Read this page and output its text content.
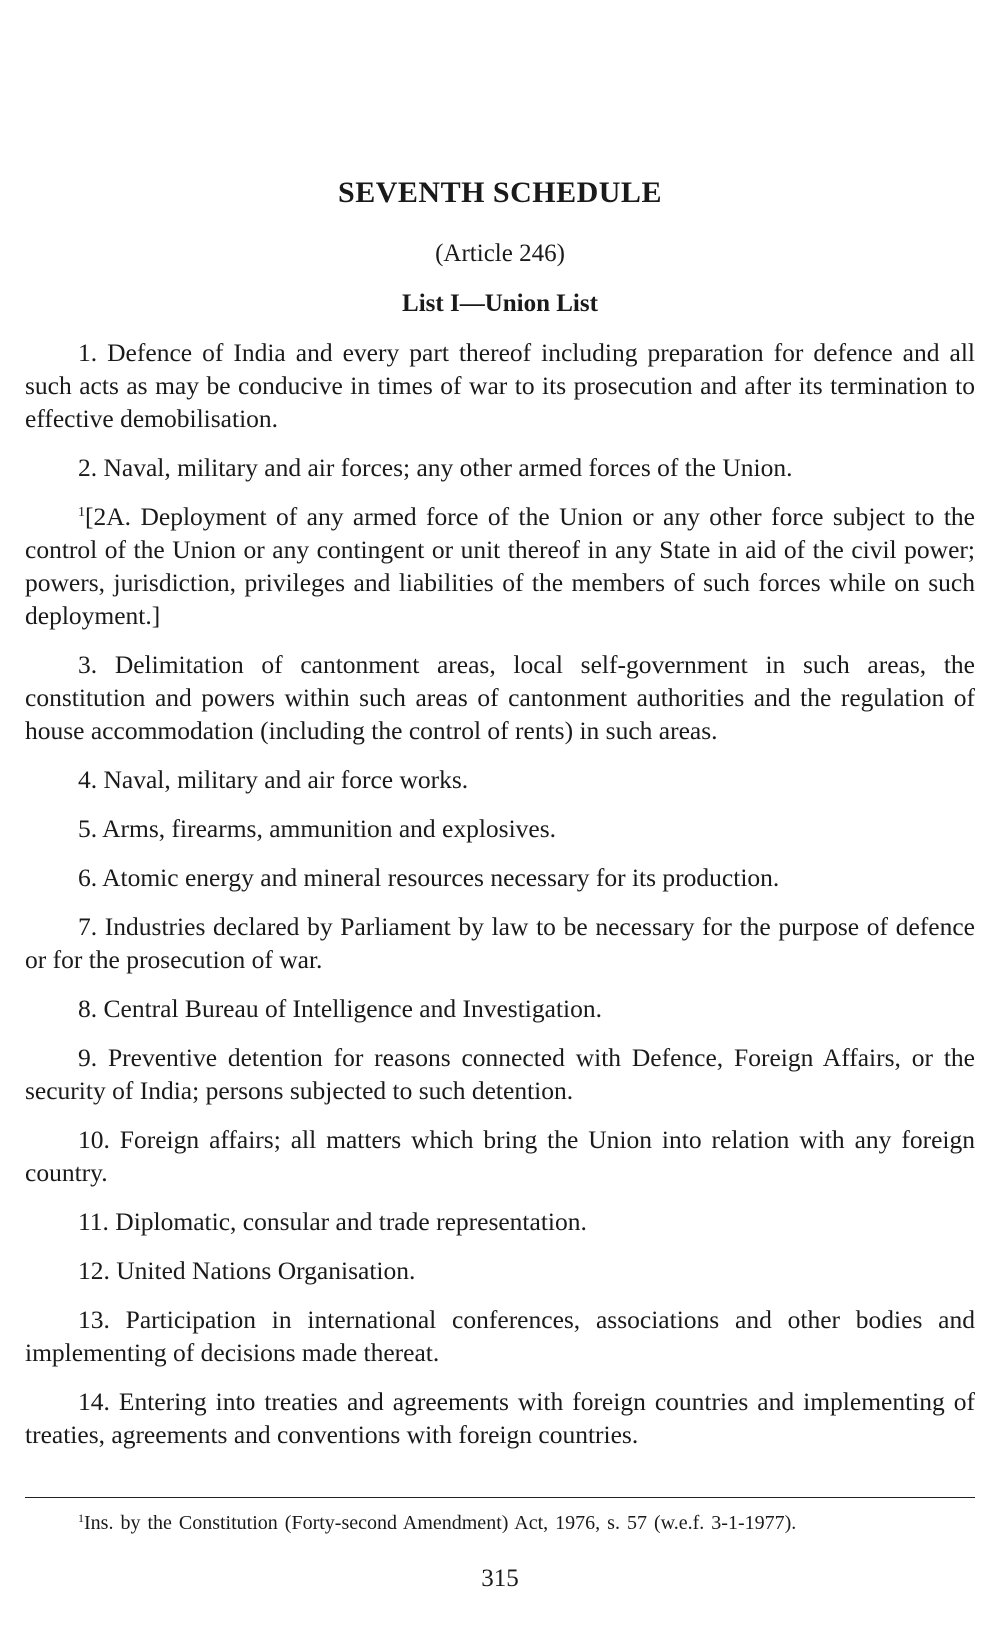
SEVENTH SCHEDULE

(Article 246)

List I—Union List
1. Defence of India and every part thereof including preparation for defence and all such acts as may be conducive in times of war to its prosecution and after its termination to effective demobilisation.
2. Naval, military and air forces; any other armed forces of the Union.
$^1$[2A. Deployment of any armed force of the Union or any other force subject to the control of the Union or any contingent or unit thereof in any State in aid of the civil power; powers, jurisdiction, privileges and liabilities of the members of such forces while on such deployment.]
3. Delimitation of cantonment areas, local self-government in such areas, the constitution and powers within such areas of cantonment authorities and the regulation of house accommodation (including the control of rents) in such areas.
4. Naval, military and air force works.
5. Arms, firearms, ammunition and explosives.
6. Atomic energy and mineral resources necessary for its production.
7. Industries declared by Parliament by law to be necessary for the purpose of defence or for the prosecution of war.
8. Central Bureau of Intelligence and Investigation.
9. Preventive detention for reasons connected with Defence, Foreign Affairs, or the security of India; persons subjected to such detention.
10. Foreign affairs; all matters which bring the Union into relation with any foreign country.
11. Diplomatic, consular and trade representation.
12. United Nations Organisation.
13. Participation in international conferences, associations and other bodies and implementing of decisions made thereat.
14. Entering into treaties and agreements with foreign countries and implementing of treaties, agreements and conventions with foreign countries.

$^1$Ins. by the Constitution (Forty-second Amendment) Act, 1976, s. 57 (w.e.f. 3-1-1977).

315
